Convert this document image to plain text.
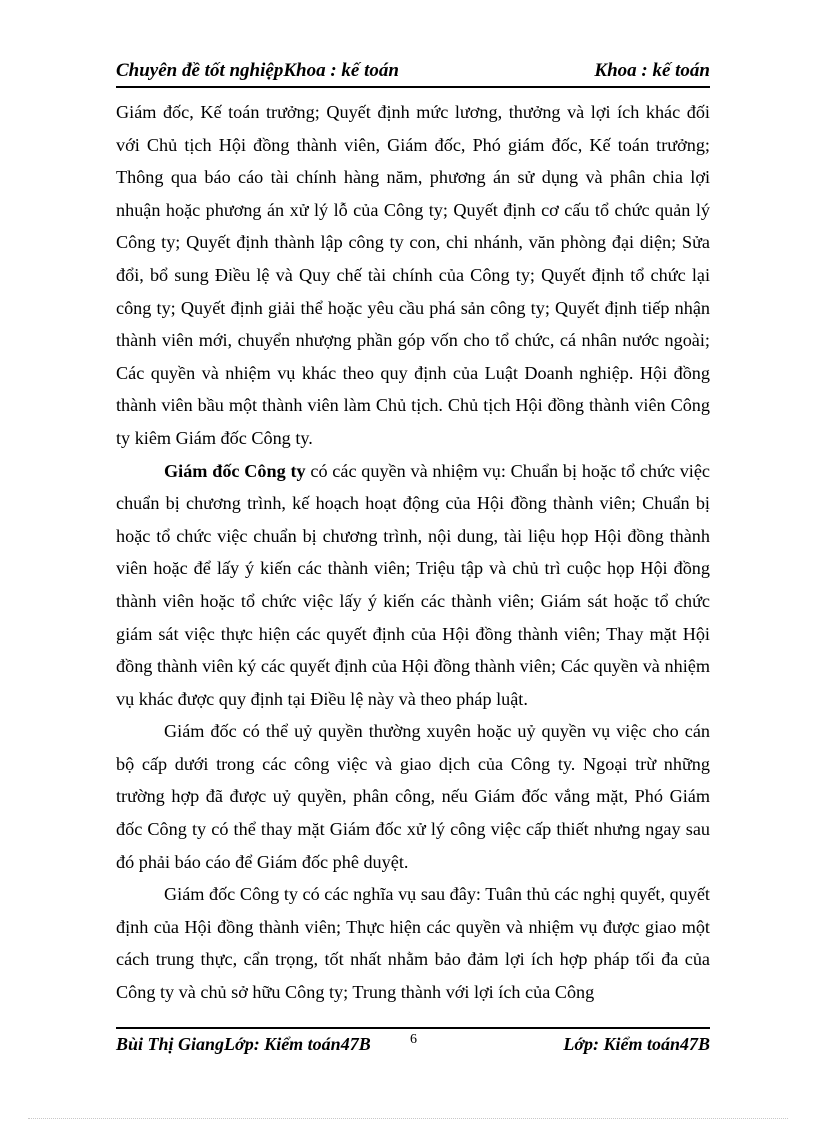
Chuyên đề tốt nghiệpKhoa : kế toán	Khoa : kế toán

Giám đốc, Kế toán trưởng; Quyết định mức lương, thưởng và lợi ích khác đối với Chủ tịch Hội đồng thành viên, Giám đốc, Phó giám đốc, Kế toán trưởng; Thông qua báo cáo tài chính hàng năm, phương án sử dụng và phân chia lợi nhuận hoặc phương án xử lý lỗ của Công ty; Quyết định cơ cấu tổ chức quản lý Công ty; Quyết định thành lập công ty con, chi nhánh, văn phòng đại diện; Sửa đổi, bổ sung Điều lệ và Quy chế tài chính của Công ty; Quyết định tổ chức lại công ty; Quyết định giải thể hoặc yêu cầu phá sản công ty; Quyết định tiếp nhận thành viên mới, chuyển nhượng phần góp vốn cho tổ chức, cá nhân nước ngoài; Các quyền và nhiệm vụ khác theo quy định của Luật Doanh nghiệp. Hội đồng thành viên bầu một thành viên làm Chủ tịch. Chủ tịch Hội đồng thành viên Công ty kiêm Giám đốc Công ty.

Giám đốc Công ty có các quyền và nhiệm vụ: Chuẩn bị hoặc tổ chức việc chuẩn bị chương trình, kế hoạch hoạt động của Hội đồng thành viên; Chuẩn bị hoặc tổ chức việc chuẩn bị chương trình, nội dung, tài liệu họp Hội đồng thành viên hoặc để lấy ý kiến các thành viên; Triệu tập và chủ trì cuộc họp Hội đồng thành viên hoặc tổ chức việc lấy ý kiến các thành viên; Giám sát hoặc tổ chức giám sát việc thực hiện các quyết định của Hội đồng thành viên; Thay mặt Hội đồng thành viên ký các quyết định của Hội đồng thành viên; Các quyền và nhiệm vụ khác được quy định tại Điều lệ này và theo pháp luật.

Giám đốc có thể uỷ quyền thường xuyên hoặc uỷ quyền vụ việc cho cán bộ cấp dưới trong các công việc và giao dịch của Công ty. Ngoại trừ những trường hợp đã được uỷ quyền, phân công, nếu Giám đốc vắng mặt, Phó Giám đốc Công ty có thể thay mặt Giám đốc xử lý công việc cấp thiết nhưng ngay sau đó phải báo cáo để Giám đốc phê duyệt.

Giám đốc Công ty có các nghĩa vụ sau đây: Tuân thủ các nghị quyết, quyết định của Hội đồng thành viên; Thực hiện các quyền và nhiệm vụ được giao một cách trung thực, cẩn trọng, tốt nhất nhằm bảo đảm lợi ích hợp pháp tối đa của Công ty và chủ sở hữu Công ty; Trung thành với lợi ích của Công

Bùi Thị GiangLớp: Kiểm toán47B	6	Lớp: Kiểm toán47B
